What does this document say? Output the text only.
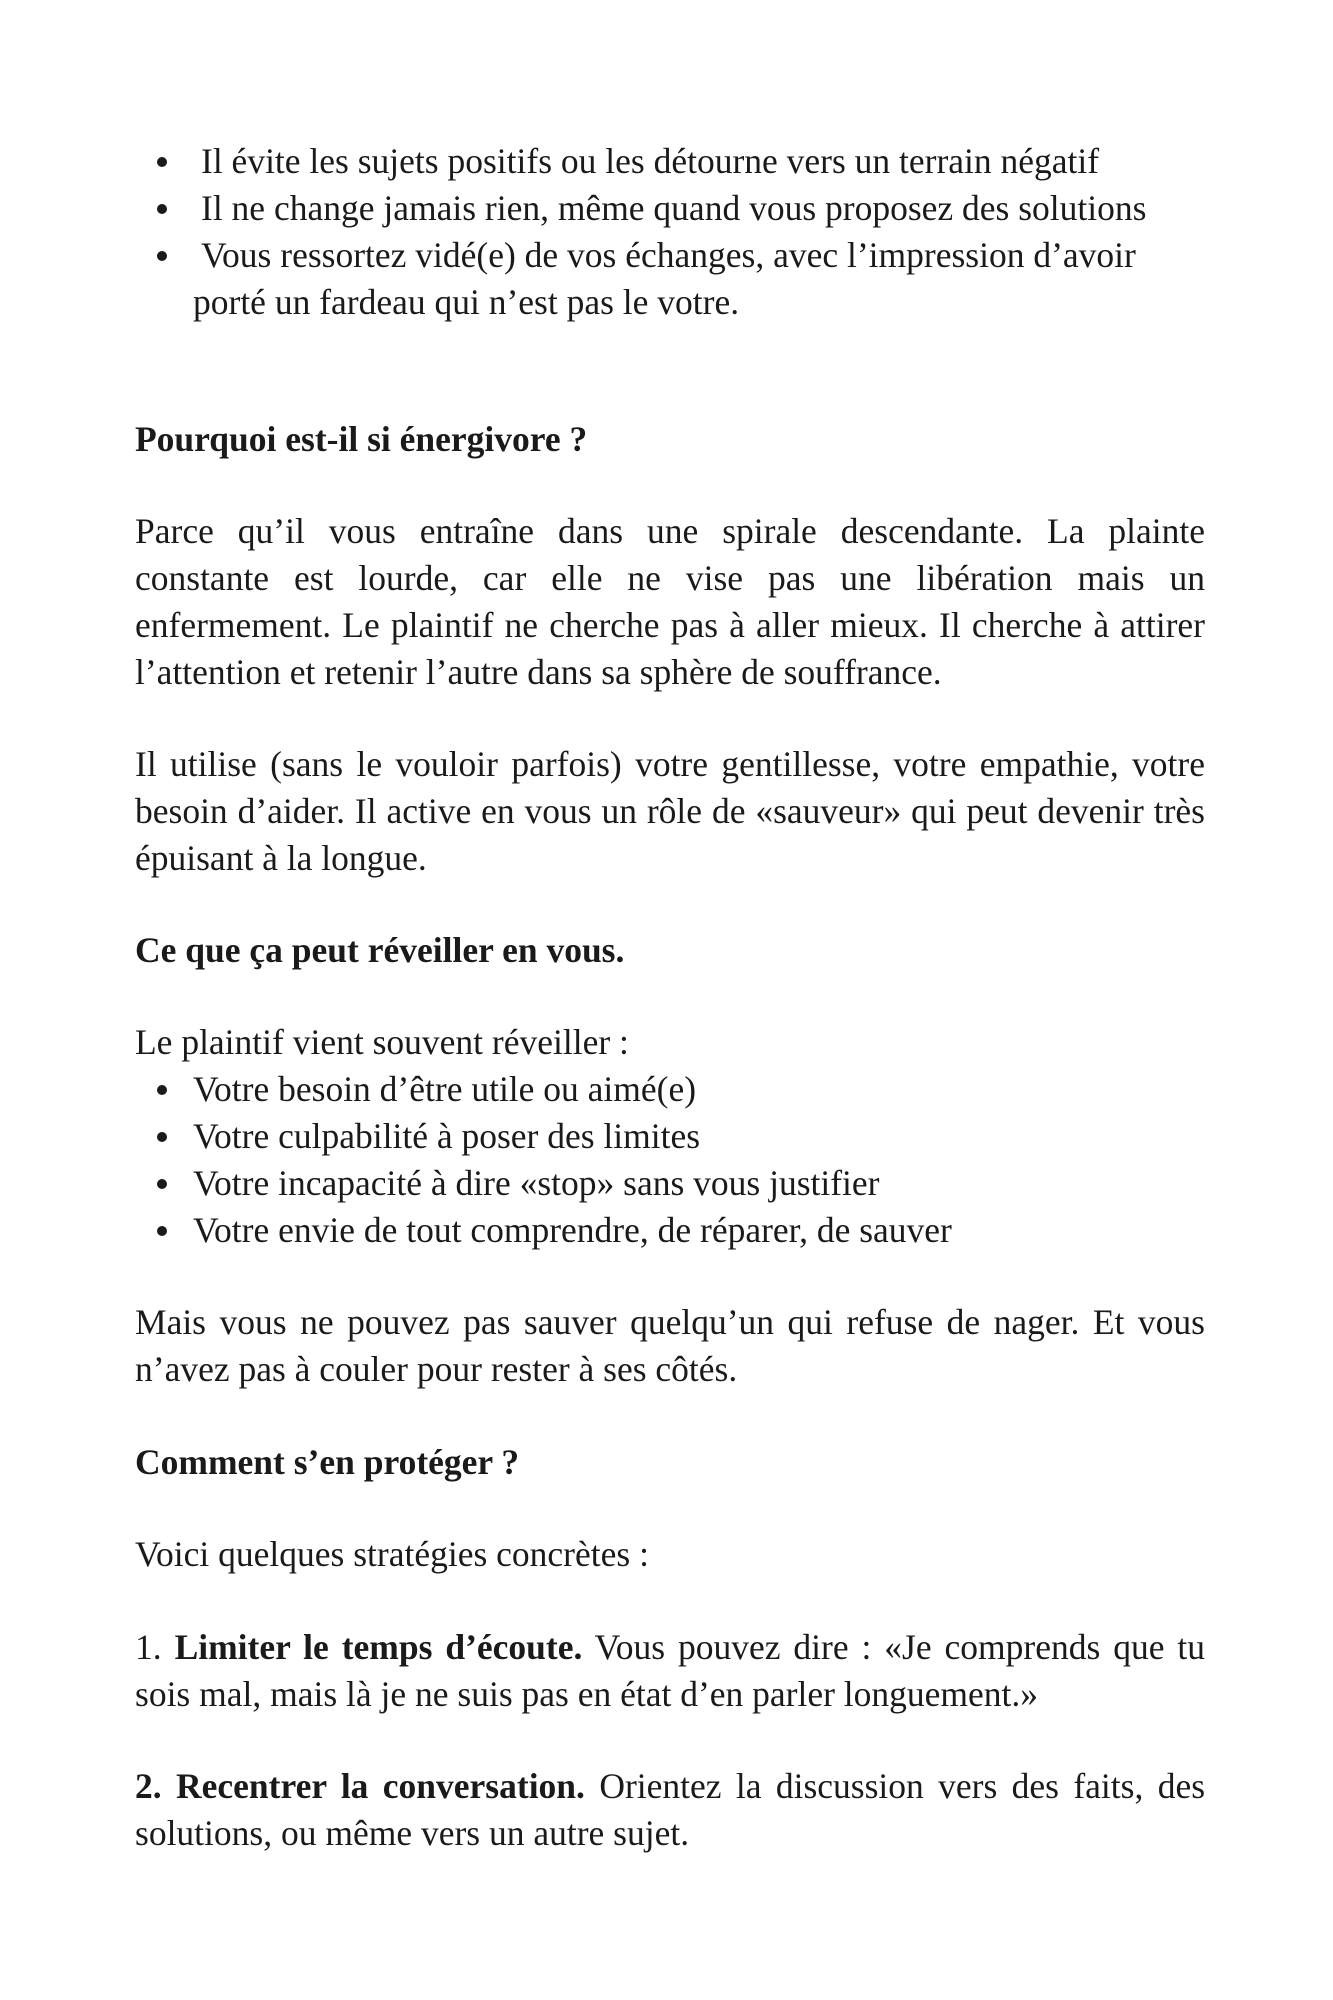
Il évite les sujets positifs ou les détourne vers un terrain négatif
Il ne change jamais rien, même quand vous proposez des solutions
Vous ressortez vidé(e) de vos échanges, avec l’impression d’avoir porté un fardeau qui n’est pas le votre.

Pourquoi est-il si énergivore ?

Parce qu’il vous entraîne dans une spirale descendante. La plainte constante est lourde, car elle ne vise pas une libération mais un enfermement. Le plaintif ne cherche pas à aller mieux. Il cherche à attirer l’attention et retenir l’autre dans sa sphère de souffrance.

Il utilise (sans le vouloir parfois) votre gentillesse, votre empathie, votre besoin d’aider. Il active en vous un rôle de «sauveur» qui peut devenir très épuisant à la longue.

Ce que ça peut réveiller en vous.

Le plaintif vient souvent réveiller :

Votre besoin d’être utile ou aimé(e)
Votre culpabilité à poser des limites
Votre incapacité à dire «stop» sans vous justifier
Votre envie de tout comprendre, de réparer, de sauver

Mais vous ne pouvez pas sauver quelqu’un qui refuse de nager. Et vous n’avez pas à couler pour rester à ses côtés.

Comment s’en protéger ?

Voici quelques stratégies concrètes :

1. Limiter le temps d’écoute. Vous pouvez dire : «Je comprends que tu sois mal, mais là je ne suis pas en état d’en parler longuement.»

2. Recentrer la conversation. Orientez la discussion vers des faits, des solutions, ou même vers un autre sujet.
